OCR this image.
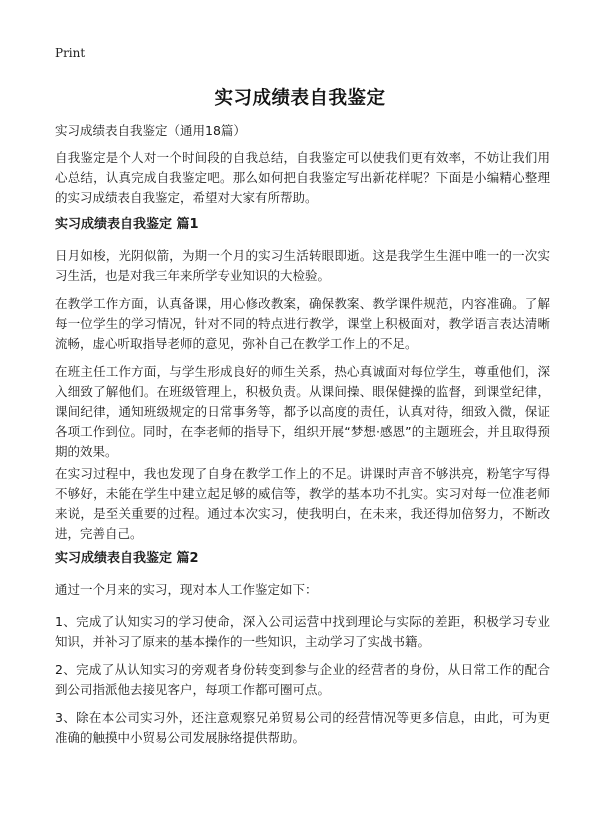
Print
实习成绩表自我鉴定
实习成绩表自我鉴定（通用18篇）
自我鉴定是个人对一个时间段的自我总结，自我鉴定可以使我们更有效率，不妨让我们用心总结，认真完成自我鉴定吧。那么如何把自我鉴定写出新花样呢？下面是小编精心整理的实习成绩表自我鉴定，希望对大家有所帮助。
实习成绩表自我鉴定 篇1
日月如梭，光阴似箭，为期一个月的实习生活转眼即逝。这是我学生生涯中唯一的一次实习生活，也是对我三年来所学专业知识的大检验。
在教学工作方面，认真备课，用心修改教案，确保教案、教学课件规范，内容准确。了解每一位学生的学习情况，针对不同的特点进行教学，课堂上积极面对，教学语言表达清晰流畅，虚心听取指导老师的意见，弥补自己在教学工作上的不足。
在班主任工作方面，与学生形成良好的师生关系，热心真诚面对每位学生，尊重他们，深入细致了解他们。在班级管理上，积极负责。从课间操、眼保健操的监督，到课堂纪律，课间纪律，通知班级规定的日常事务等，都予以高度的责任，认真对待，细致入微，保证各项工作到位。同时，在李老师的指导下，组织开展“梦想·感恩”的主题班会，并且取得预期的效果。
在实习过程中，我也发现了自身在教学工作上的不足。讲课时声音不够洪亮，粉笔字写得不够好，未能在学生中建立起足够的威信等，教学的基本功不扎实。实习对每一位准老师来说，是至关重要的过程。通过本次实习，使我明白，在未来，我还得加倍努力，不断改进，完善自己。
实习成绩表自我鉴定 篇2
通过一个月来的实习，现对本人工作鉴定如下：
1、完成了认知实习的学习使命，深入公司运营中找到理论与实际的差距，积极学习专业知识，并补习了原来的基本操作的一些知识，主动学习了实战书籍。
2、完成了从认知实习的旁观者身份转变到参与企业的经营者的身份，从日常工作的配合到公司指派他去接见客户，每项工作都可圈可点。
3、除在本公司实习外，还注意观察兄弟贸易公司的经营情况等更多信息，由此，可为更准确的触摸中小贸易公司发展脉络提供帮助。
